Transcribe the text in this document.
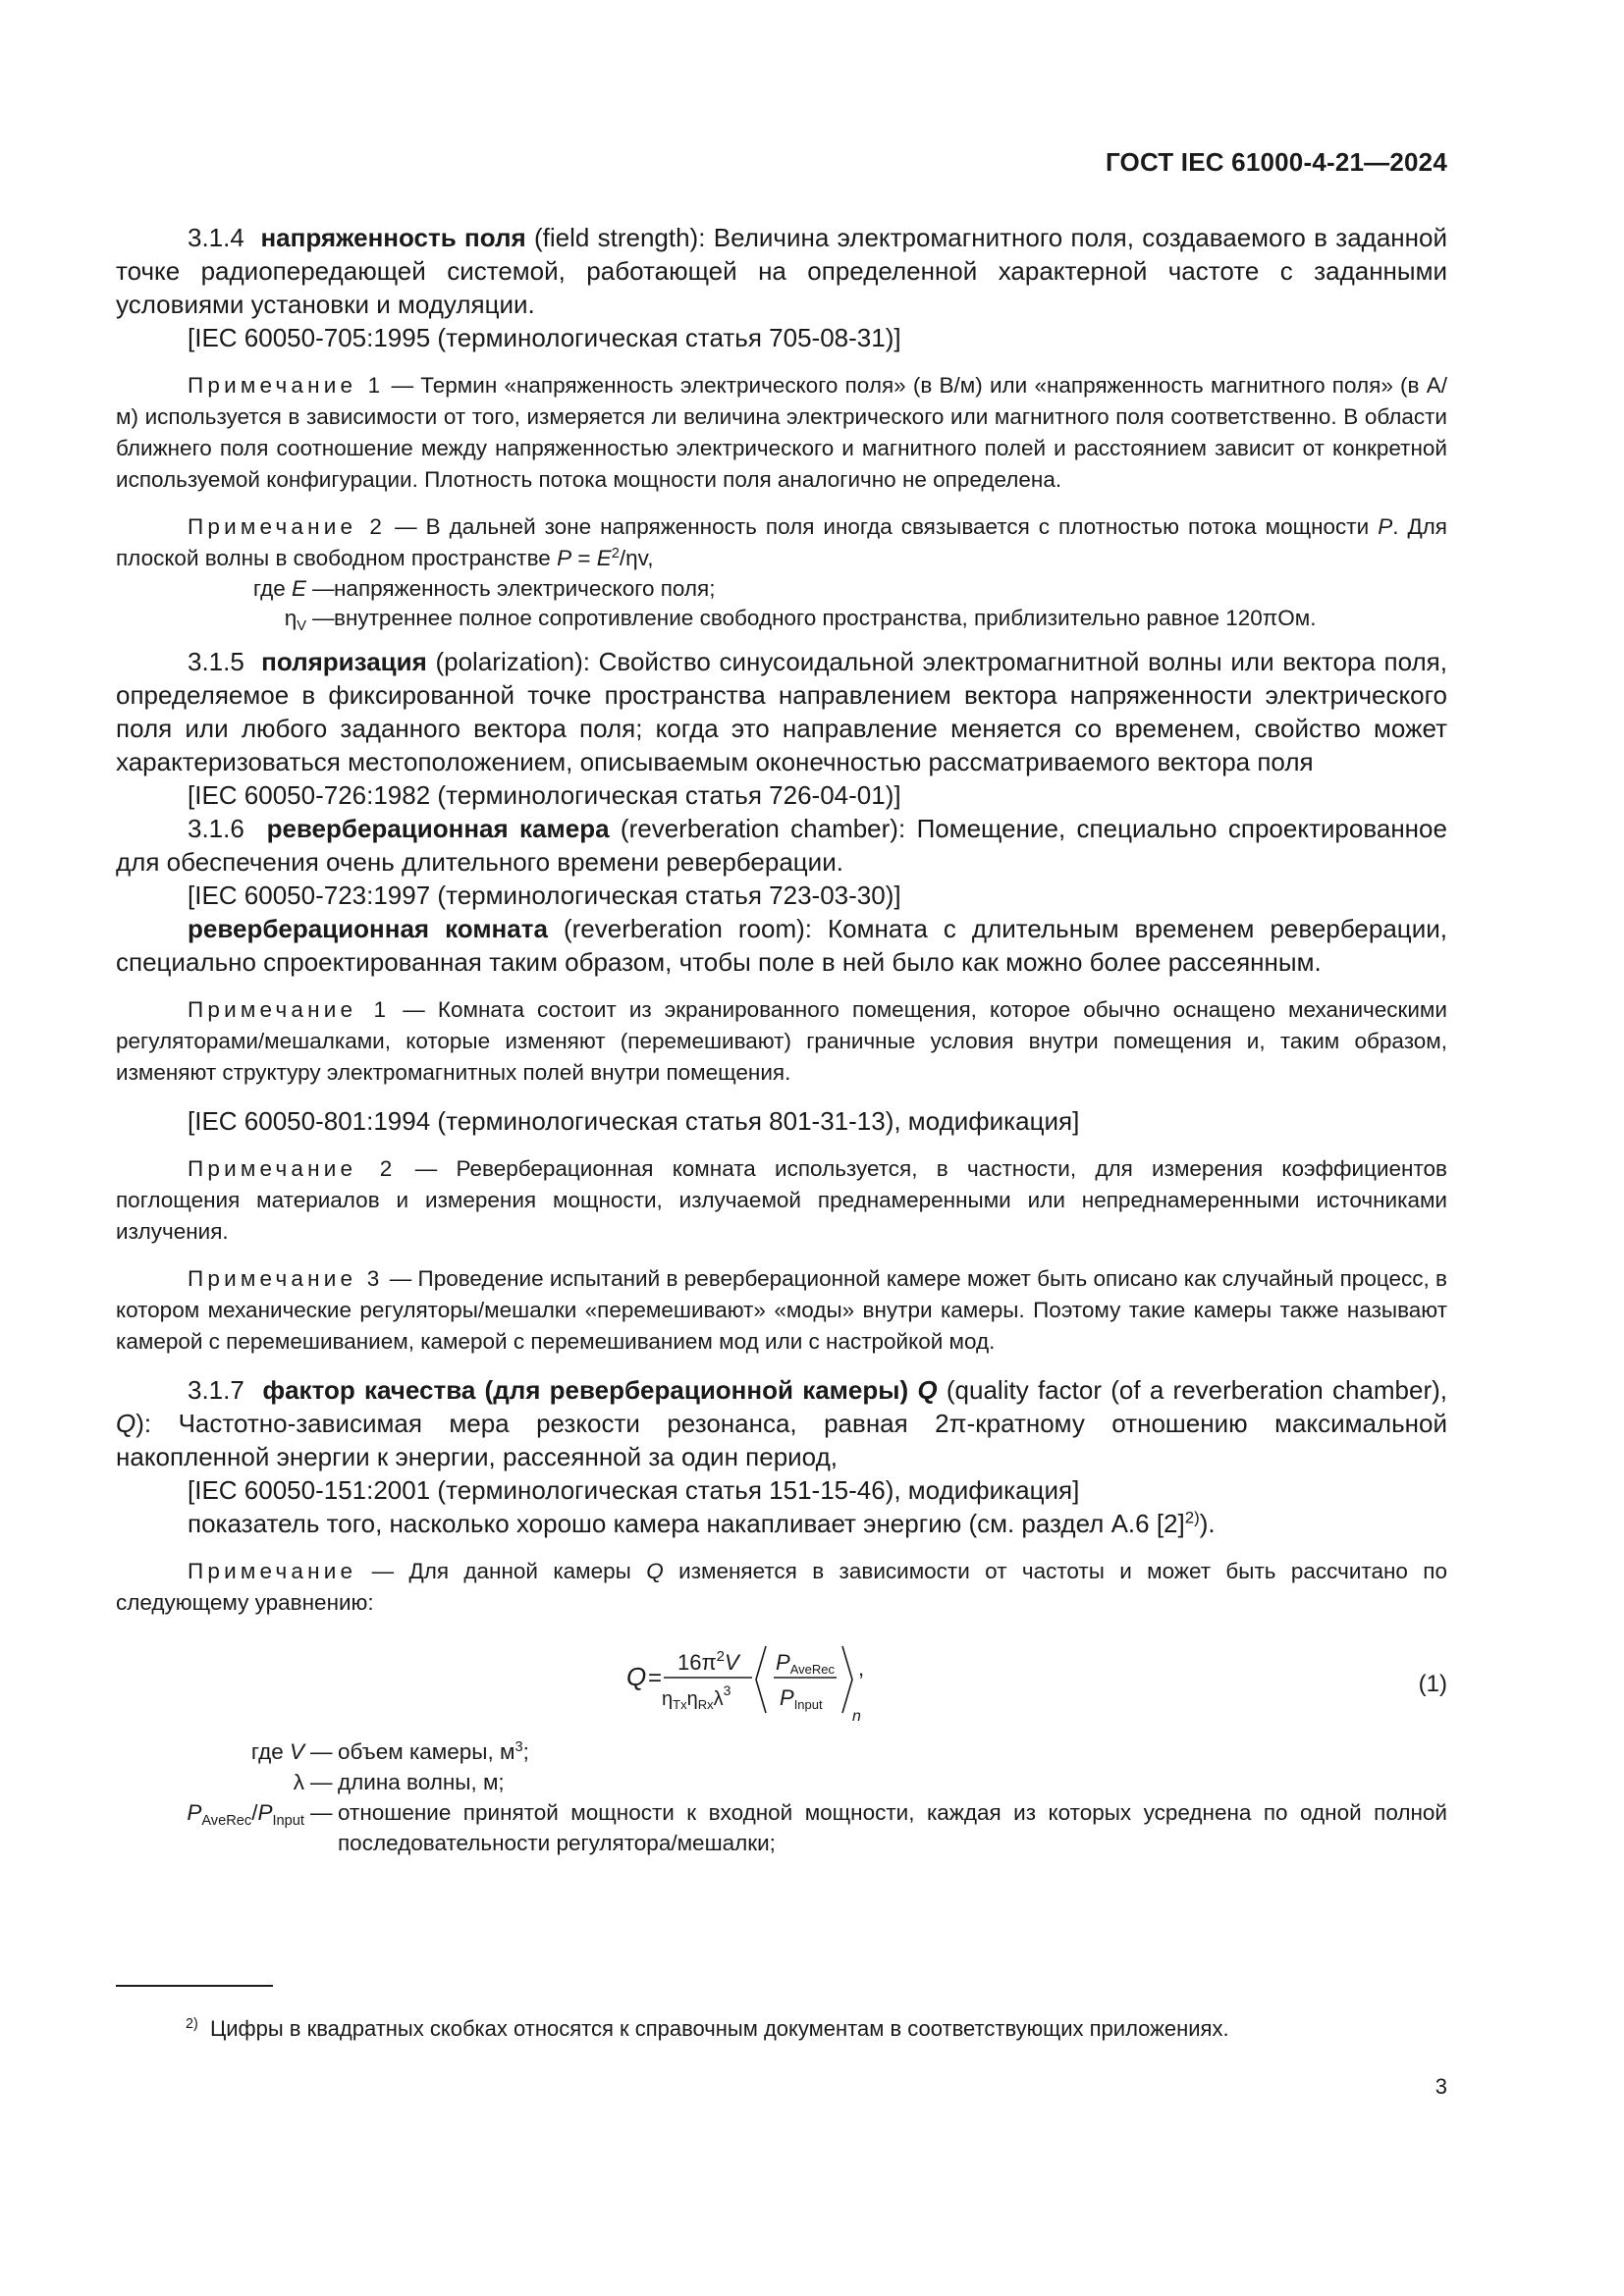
ГОСТ IEC 61000-4-21—2024

3.1.4 напряженность поля (field strength): Величина электромагнитного поля, создаваемого в заданной точке радиопередающей системой, работающей на определенной характерной частоте с заданными условиями установки и модуляции.

[IEC 60050-705:1995 (терминологическая статья 705-08-31)]

Примечание 1 — Термин «напряженность электрического поля» (в В/м) или «напряженность магнитного поля» (в А/м) используется в зависимости от того, измеряется ли величина электрического или магнитного поля соответственно. В области ближнего поля соотношение между напряженностью электрического и магнитного полей и расстоянием зависит от конкретной используемой конфигурации. Плотность потока мощности поля аналогично не определена.

Примечание 2 — В дальней зоне напряженность поля иногда связывается с плотностью потока мощности P. Для плоской волны в свободном пространстве $P = E^2/\eta v$,

где E — напряженность электрического поля;
$\eta_V$ — внутреннее полное сопротивление свободного пространства, приблизительно равное 120πОм.

3.1.5 поляризация (polarization): Свойство синусоидальной электромагнитной волны или вектора поля, определяемое в фиксированной точке пространства направлением вектора напряженности электрического поля или любого заданного вектора поля; когда это направление меняется со временем, свойство может характеризоваться местоположением, описываемым оконечностью рассматриваемого вектора поля

[IEC 60050-726:1982 (терминологическая статья 726-04-01)]

3.1.6 реверберационная камера (reverberation chamber): Помещение, специально спроектированное для обеспечения очень длительного времени реверберации.

[IEC 60050-723:1997 (терминологическая статья 723-03-30)]

реверберационная комната (reverberation room): Комната с длительным временем реверберации, специально спроектированная таким образом, чтобы поле в ней было как можно более рассеянным.

Примечание 1 — Комната состоит из экранированного помещения, которое обычно оснащено механическими регуляторами/мешалками, которые изменяют (перемешивают) граничные условия внутри помещения и, таким образом, изменяют структуру электромагнитных полей внутри помещения.

[IEC 60050-801:1994 (терминологическая статья 801-31-13), модификация]

Примечание 2 — Реверберационная комната используется, в частности, для измерения коэффициентов поглощения материалов и измерения мощности, излучаемой преднамеренными или непреднамеренными источниками излучения.

Примечание 3 — Проведение испытаний в реверберационной камере может быть описано как случайный процесс, в котором механические регуляторы/мешалки «перемешивают» «моды» внутри камеры. Поэтому такие камеры также называют камерой с перемешиванием, камерой с перемешиванием мод или с настройкой мод.

3.1.7 фактор качества (для реверберационной камеры) Q (quality factor (of a reverberation chamber), Q): Частотно-зависимая мера резкости резонанса, равная 2π-кратному отношению максимальной накопленной энергии к энергии, рассеянной за один период,

[IEC 60050-151:2001 (терминологическая статья 151-15-46), модификация]

показатель того, насколько хорошо камера накапливает энергию (см. раздел А.6 $[2]^{2)}$).

Примечание — Для данной камеры Q изменяется в зависимости от частоты и может быть рассчитано по следующему уравнению:

Q =
$16\pi^2V$
$\eta_{Tx}\eta_{Rx}\lambda^3$
PAveRec
PInput
n
,
(1)
где V — объем камеры, $м^3$;
λ — длина волны, м;
$P_{AveRec}/P_{Input}$ — отношение принятой мощности к входной мощности, каждая из которых усреднена по одной полной последовательности регулятора/мешалки;
$^{2)}$ Цифры в квадратных скобках относятся к справочным документам в соответствующих приложениях.
3
